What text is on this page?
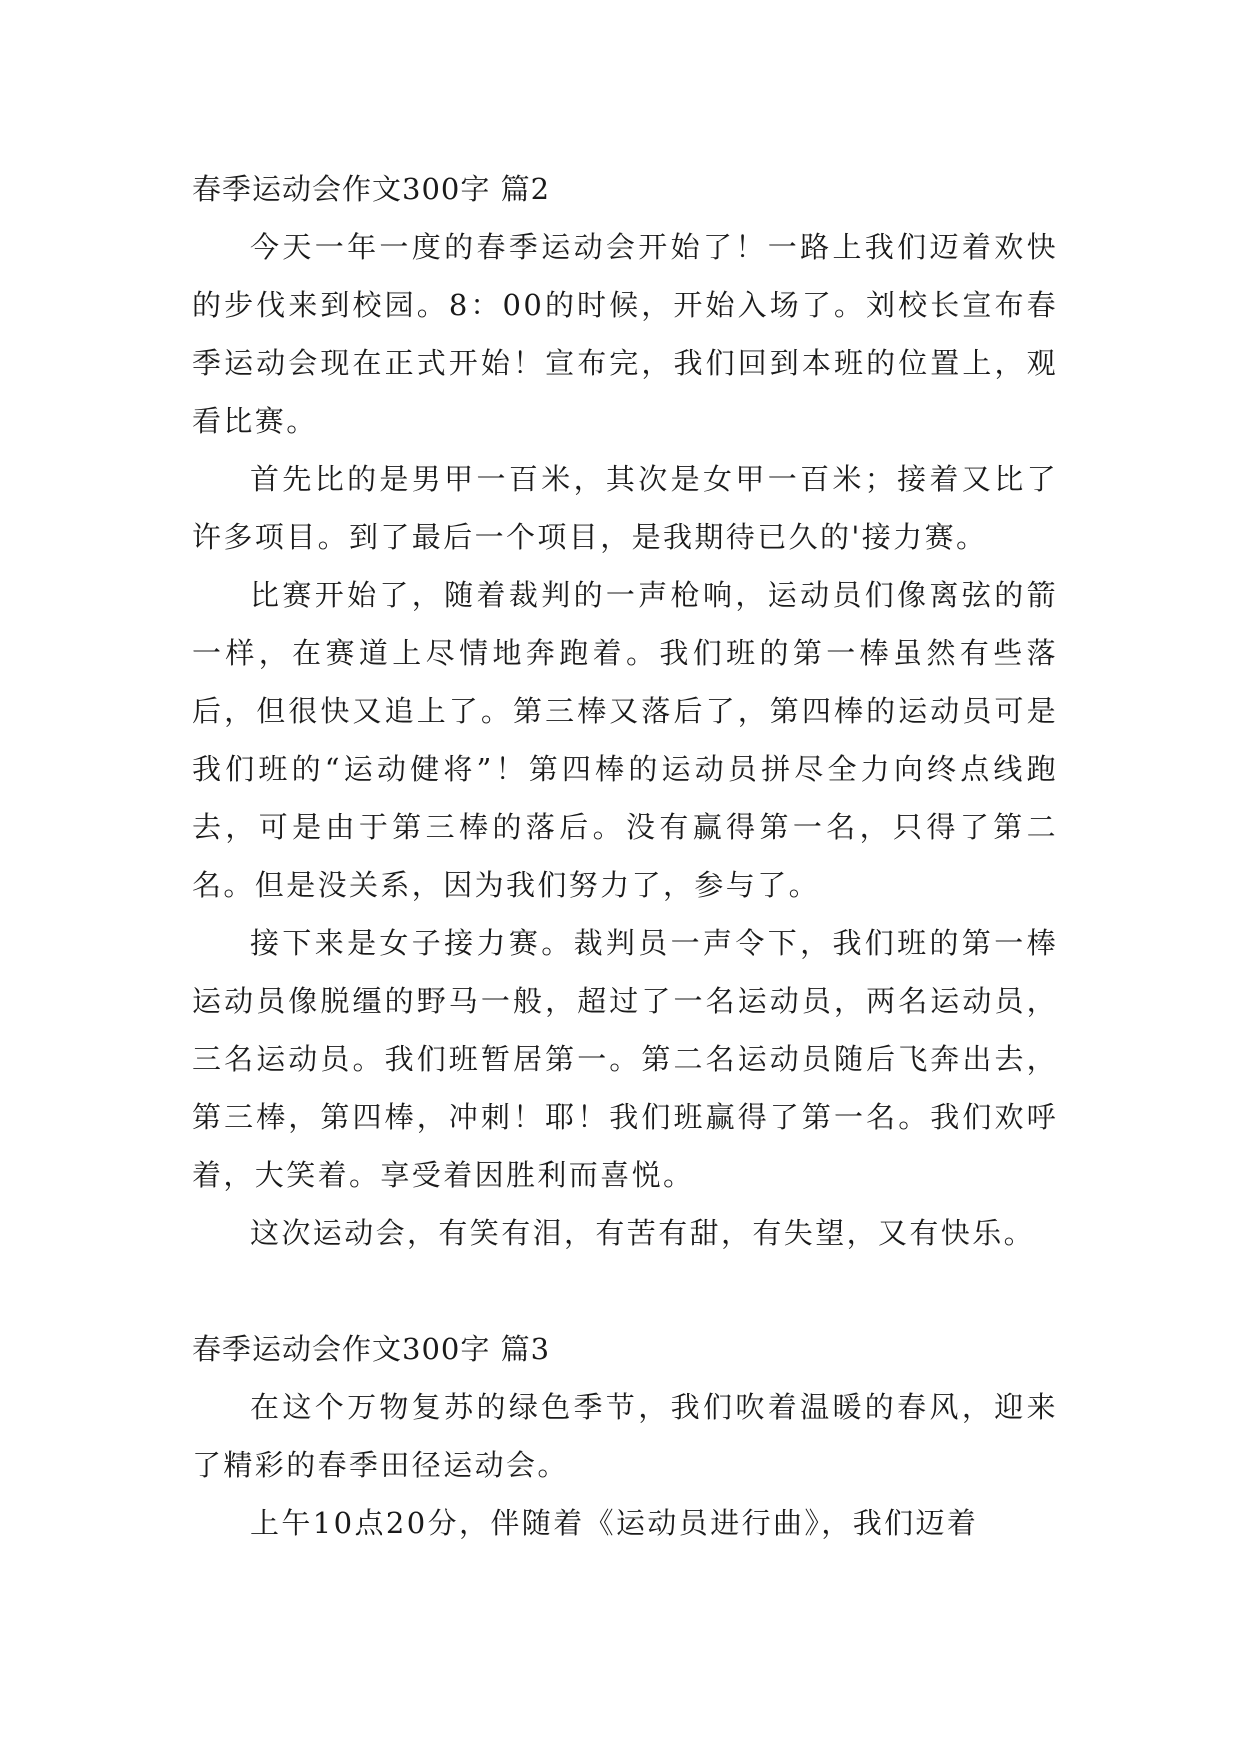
春季运动会作文300字 篇2

今天一年一度的春季运动会开始了！一路上我们迈着欢快的步伐来到校园。8：00的时候，开始入场了。刘校长宣布春季运动会现在正式开始！宣布完，我们回到本班的位置上，观看比赛。

首先比的是男甲一百米，其次是女甲一百米；接着又比了许多项目。到了最后一个项目，是我期待已久的'接力赛。

比赛开始了，随着裁判的一声枪响，运动员们像离弦的箭一样，在赛道上尽情地奔跑着。我们班的第一棒虽然有些落后，但很快又追上了。第三棒又落后了，第四棒的运动员可是我们班的“运动健将”！第四棒的运动员拼尽全力向终点线跑去，可是由于第三棒的落后。没有赢得第一名，只得了第二名。但是没关系，因为我们努力了，参与了。

接下来是女子接力赛。裁判员一声令下，我们班的第一棒运动员像脱缰的野马一般，超过了一名运动员，两名运动员，三名运动员。我们班暂居第一。第二名运动员随后飞奔出去，第三棒，第四棒，冲刺！耶！我们班赢得了第一名。我们欢呼着，大笑着。享受着因胜利而喜悦。

这次运动会，有笑有泪，有苦有甜，有失望，又有快乐。

春季运动会作文300字 篇3

在这个万物复苏的绿色季节，我们吹着温暖的春风，迎来了精彩的春季田径运动会。

上午10点20分，伴随着《运动员进行曲》，我们迈着
